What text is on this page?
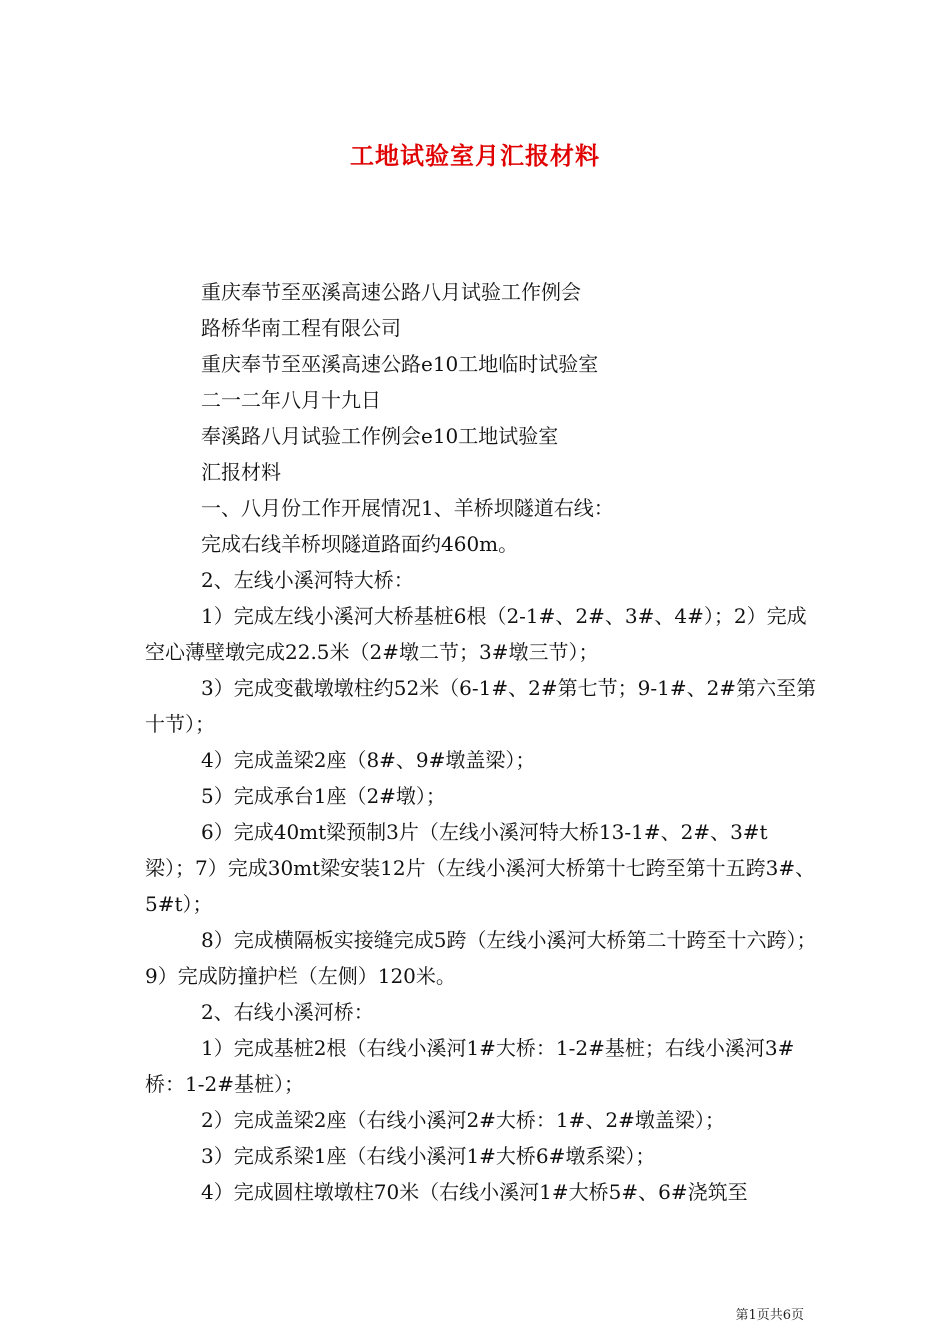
工地试验室月汇报材料

重庆奉节至巫溪高速公路八月试验工作例会

路桥华南工程有限公司

重庆奉节至巫溪高速公路e10工地临时试验室

二一二年八月十九日

奉溪路八月试验工作例会e10工地试验室

汇报材料

一、八月份工作开展情况1、羊桥坝隧道右线：

完成右线羊桥坝隧道路面约460m。

2、左线小溪河特大桥：

1）完成左线小溪河大桥基桩6根（2-1#、2#、3#、4#）；2）完成空心薄壁墩完成22.5米（2#墩二节；3#墩三节）；

3）完成变截墩墩柱约52米（6-1#、2#第七节；9-1#、2#第六至第十节）；

4）完成盖梁2座（8#、9#墩盖梁）；

5）完成承台1座（2#墩）；

6）完成40mt梁预制3片（左线小溪河特大桥13-1#、2#、3#t梁）；7）完成30mt梁安装12片（左线小溪河大桥第十七跨至第十五跨3#、5#t）；

8）完成横隔板实接缝完成5跨（左线小溪河大桥第二十跨至十六跨）；9）完成防撞护栏（左侧）120米。

2、右线小溪河桥：

1）完成基桩2根（右线小溪河1#大桥：1-2#基桩；右线小溪河3#桥：1-2#基桩）；

2）完成盖梁2座（右线小溪河2#大桥：1#、2#墩盖梁）；

3）完成系梁1座（右线小溪河1#大桥6#墩系梁）；

4）完成圆柱墩墩柱70米（右线小溪河1#大桥5#、6#浇筑至

第1页共6页
